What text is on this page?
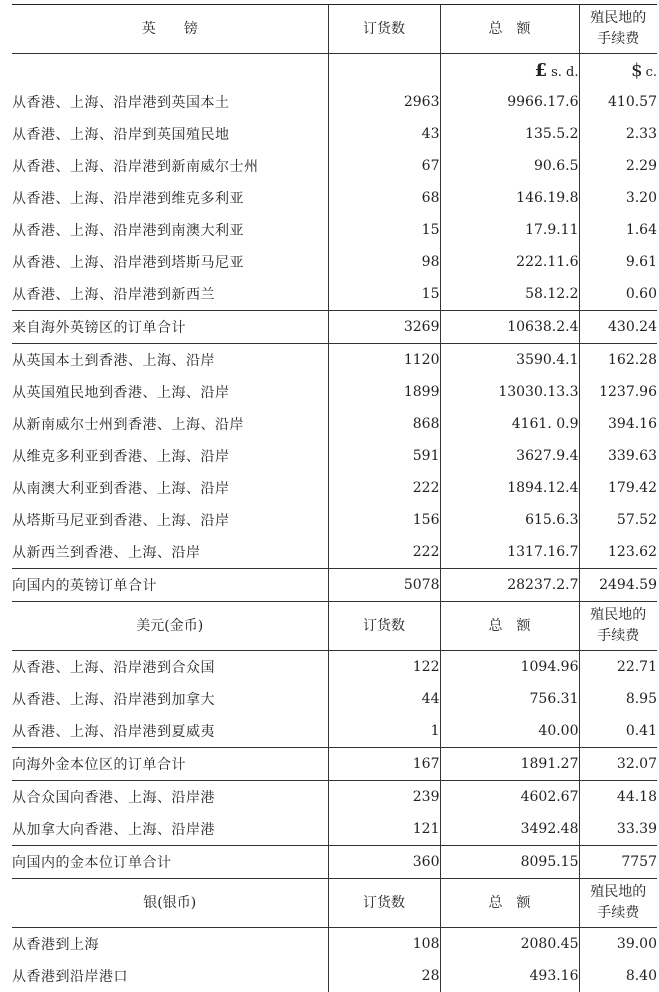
英　　镑	订货数	总　额	殖民地的
手续费
		£ s. d.	$ c.
从香港、上海、沿岸港到英国本土	2963	9966.17.6	410.57
从香港、上海、沿岸到英国殖民地	43	135.5.2	2.33
从香港、上海、沿岸港到新南威尔士州	67	90.6.5	2.29
从香港、上海、沿岸港到维克多利亚	68	146.19.8	3.20
从香港、上海、沿岸港到南澳大利亚	15	17.9.11	1.64
从香港、上海、沿岸港到塔斯马尼亚	98	222.11.6	9.61
从香港、上海、沿岸港到新西兰	15	58.12.2	0.60
来自海外英镑区的订单合计	3269	10638.2.4	430.24
从英国本土到香港、上海、沿岸	1120	3590.4.1	162.28
从英国殖民地到香港、上海、沿岸	1899	13030.13.3	1237.96
从新南威尔士州到香港、上海、沿岸	868	4161. 0.9	394.16
从维克多利亚到香港、上海、沿岸	591	3627.9.4	339.63
从南澳大利亚到香港、上海、沿岸	222	1894.12.4	179.42
从塔斯马尼亚到香港、上海、沿岸	156	615.6.3	57.52
从新西兰到香港、上海、沿岸	222	1317.16.7	123.62
向国内的英镑订单合计	5078	28237.2.7	2494.59
美元(金币)	订货数	总　额	殖民地的
手续费
从香港、上海、沿岸港到合众国	122	1094.96	22.71
从香港、上海、沿岸港到加拿大	44	756.31	8.95
从香港、上海、沿岸港到夏威夷	1	40.00	0.41
向海外金本位区的订单合计	167	1891.27	32.07
从合众国向香港、上海、沿岸港	239	4602.67	44.18
从加拿大向香港、上海、沿岸港	121	3492.48	33.39
向国内的金本位订单合计	360	8095.15	7757
银(银币)	订货数	总　额	殖民地的
手续费
从香港到上海	108	2080.45	39.00
从香港到沿岸港口	28	493.16	8.40
